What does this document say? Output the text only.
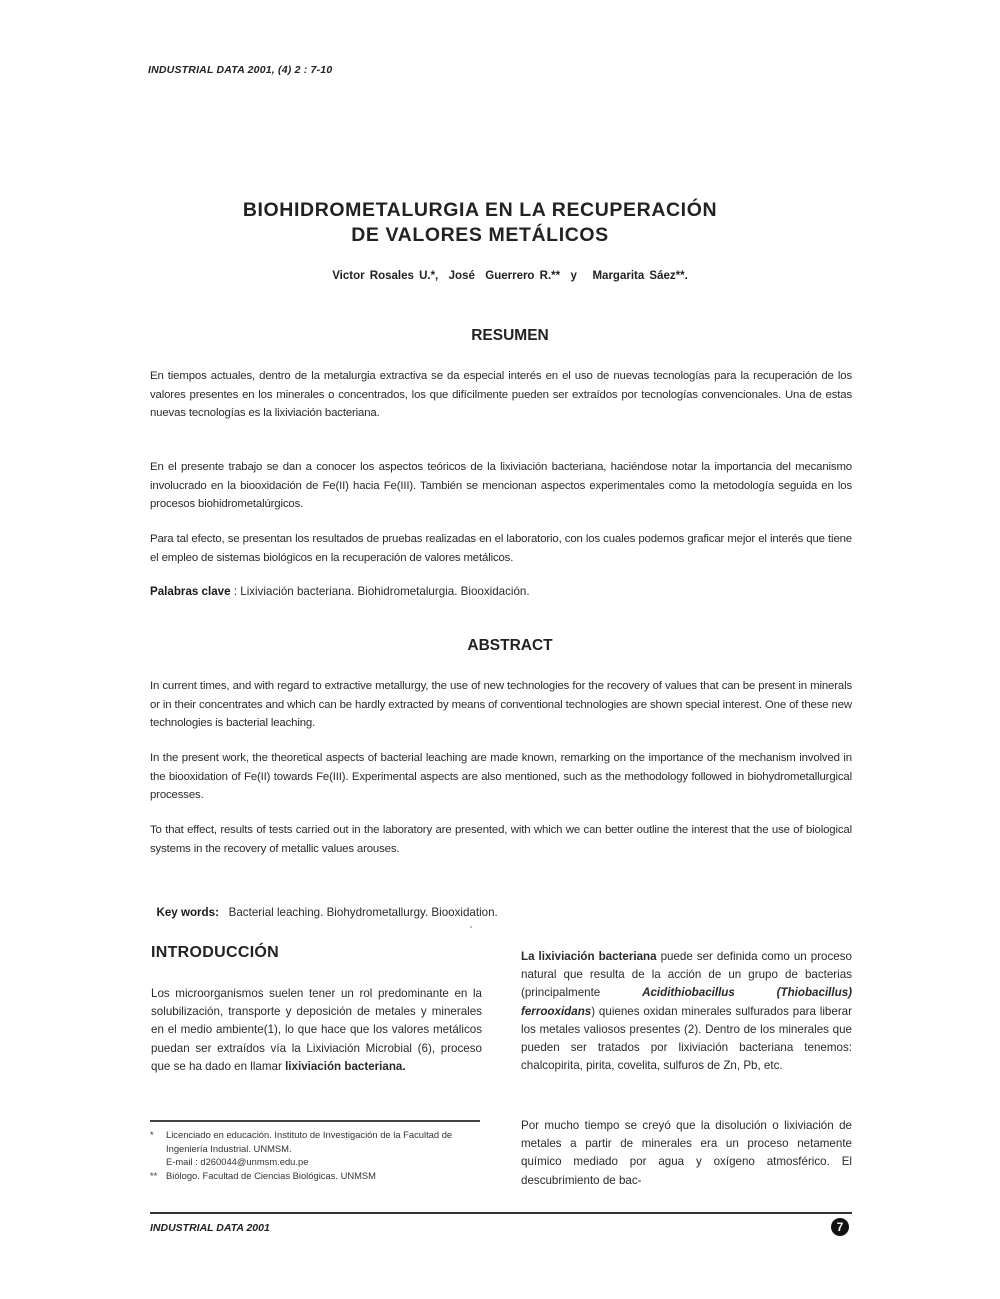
INDUSTRIAL DATA 2001, (4) 2 : 7-10
BIOHIDROMETALURGIA EN LA RECUPERACIÓN
DE VALORES METÁLICOS
Victor Rosales U.*,  José  Guerrero R.**  y   Margarita Sáez**.
RESUMEN
En tiempos actuales, dentro de la metalurgia extractiva se da especial interés en el uso de nuevas tecnologías para la recuperación de los valores presentes en los minerales o concentrados, los que difícilmente pueden ser extraídos por tecnologías convencionales. Una de estas nuevas tecnologías es la lixiviación bacteriana.
En el presente trabajo se dan a conocer los aspectos teóricos de la lixiviación bacteriana, haciéndose notar la importancia del mecanismo involucrado en la biooxidación de Fe(II) hacia Fe(III). También se mencionan aspectos experimentales como la metodología seguida en los procesos biohidrometalúrgicos.
Para tal efecto, se presentan los resultados de pruebas realizadas en el laboratorio, con los cuales podemos graficar mejor el interés que tiene el empleo de sistemas biológicos en la recuperación de valores metálicos.
Palabras clave : Lixiviación bacteriana. Biohidrometalurgia. Biooxidación.
ABSTRACT
In current times, and with regard to extractive metallurgy, the use of new technologies for the recovery of values that can be present in minerals or in their concentrates and which can be hardly extracted by means of conventional technologies are shown special interest. One of these new technologies is bacterial leaching.
In the present work, the theoretical aspects of bacterial leaching are made known, remarking on the importance of the mechanism involved in the biooxidation of Fe(II) towards Fe(III). Experimental aspects are also mentioned, such as the methodology followed in biohydrometallurgical processes.
To that effect, results of tests carried out in the laboratory are presented, with which we can better outline the interest that the use of biological systems in the recovery of metallic values arouses.

Key words:   Bacterial leaching. Biohydrometallurgy. Biooxidation.

INTRODUCCIÓN
Los microorganismos suelen tener un rol predominante en la solubilización, transporte y deposición de metales y minerales en el medio ambiente(1), lo que hace que los valores metálicos puedan ser extraídos vía la Lixiviación Microbial (6), proceso que se ha dado en llamar lixiviación bacteriana.
La lixiviación bacteriana puede ser definida como un proceso natural que resulta de la acción de un grupo de bacterias (principalmente Acidithiobacillus (Thiobacillus) ferrooxidans) quienes oxidan minerales sulfurados para liberar los metales valiosos presentes (2). Dentro de los minerales que pueden ser tratados por lixiviación bacteriana tenemos: chalcopirita, pirita, covelita, sulfuros de Zn, Pb, etc.
Por mucho tiempo se creyó que la disolución o lixiviación de metales a partir de minerales era un proceso netamente químico mediado por agua y oxígeno atmosférico. El descubrimiento de bac-
*	Licenciado en educación. Instituto de Investigación de la Facultad de Ingeniería Industrial. UNMSM.
E-mail : d260044@unmsm.edu.pe
** Biólogo. Facultad de Ciencias Biológicas. UNMSM
INDUSTRIAL DATA 2001	7
